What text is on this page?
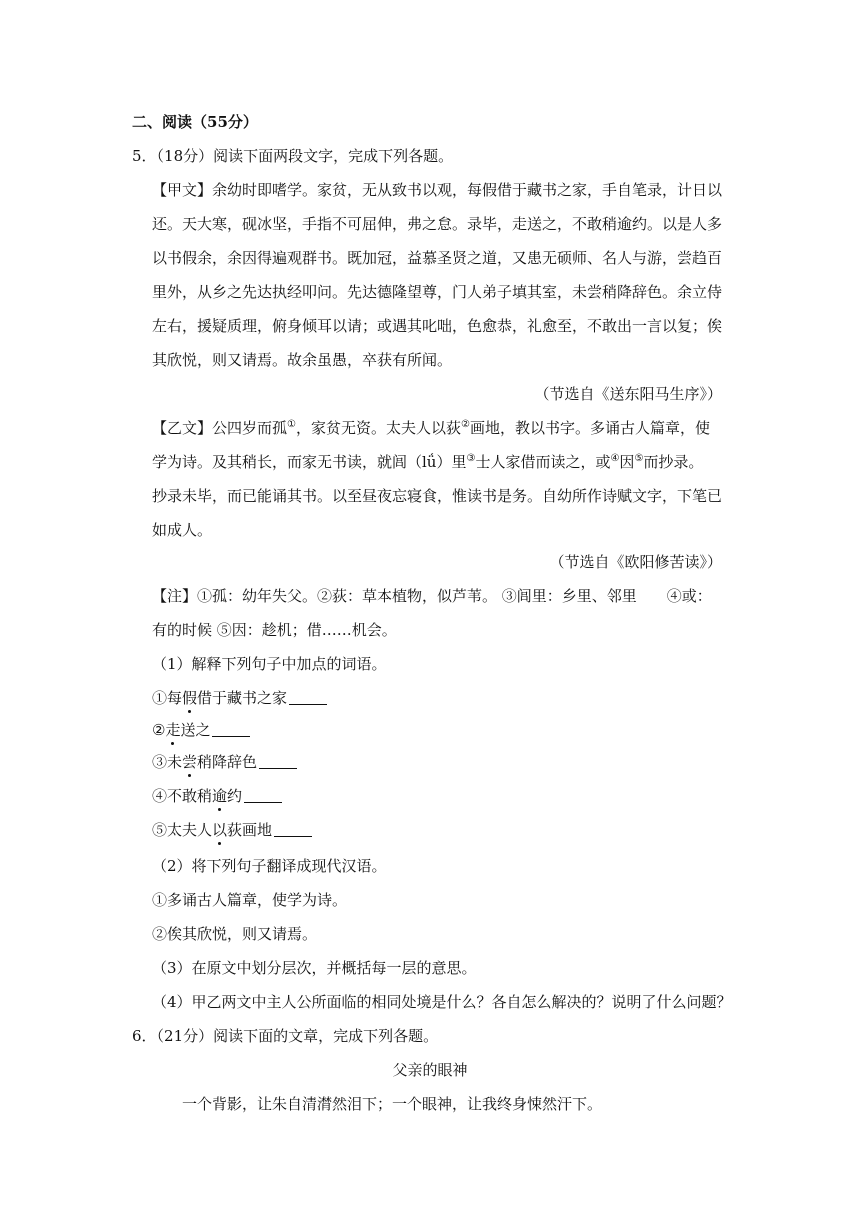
二、阅读（55分）
5．（18分）阅读下面两段文字，完成下列各题。
【甲文】余幼时即嗜学。家贫，无从致书以观，每假借于藏书之家，手自笔录，计日以
还。天大寒，砚冰坚，手指不可屈伸，弗之怠。录毕，走送之，不敢稍逾约。以是人多
以书假余，余因得遍观群书。既加冠，益慕圣贤之道，又患无硕师、名人与游，尝趋百
里外，从乡之先达执经叩问。先达德隆望尊，门人弟子填其室，未尝稍降辞色。余立侍
左右，援疑质理，俯身倾耳以请；或遇其叱咄，色愈恭，礼愈至，不敢出一言以复；俟
其欣悦，则又请焉。故余虽愚，卒获有所闻。
（节选自《送东阳马生序》）
【乙文】公四岁而孤①，家贫无资。太夫人以荻②画地，教以书字。多诵古人篇章，使
学为诗。及其稍长，而家无书读，就闾（lǘ）里③士人家借而读之，或④因⑤而抄录。
抄录未毕，而已能诵其书。以至昼夜忘寝食，惟读书是务。自幼所作诗赋文字，下笔已
如成人。
（节选自《欧阳修苦读》）
【注】①孤：幼年失父。②荻：草本植物，似芦苇。 ③闾里：乡里、邻里　　④或：
有的时候 ⑤因：趁机；借……机会。
（1）解释下列句子中加点的词语。
①每假借于藏书之家
②走送之
③未尝稍降辞色
④不敢稍逾约
⑤太夫人以荻画地
（2）将下列句子翻译成现代汉语。
①多诵古人篇章，使学为诗。
②俟其欣悦，则又请焉。
（3）在原文中划分层次，并概括每一层的意思。
（4）甲乙两文中主人公所面临的相同处境是什么？各自怎么解决的？说明了什么问题？
6．（21分）阅读下面的文章，完成下列各题。
父亲的眼神
一个背影，让朱自清潸然泪下；一个眼神，让我终身悚然汗下。
